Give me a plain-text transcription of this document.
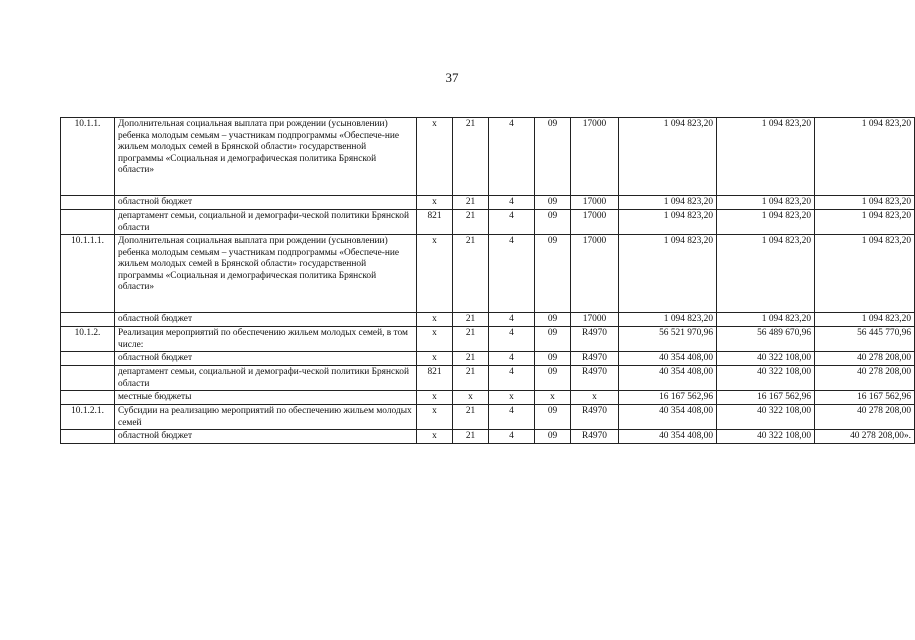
37
10.1.1.	Дополнительная социальная выплата при рождении (усыновлении) ребенка молодым семьям – участникам подпрограммы «Обеспече-ние жильем молодых семей в Брянской области» государственной программы «Социальная и демографическая политика Брянской области»	x	21	4	09	17000	1 094 823,20	1 094 823,20	1 094 823,20
	областной бюджет	x	21	4	09	17000	1 094 823,20	1 094 823,20	1 094 823,20
	департамент семьи, социальной и демографи-ческой политики Брянской области	821	21	4	09	17000	1 094 823,20	1 094 823,20	1 094 823,20
10.1.1.1.	Дополнительная социальная выплата при рождении (усыновлении) ребенка молодым семьям – участникам подпрограммы «Обеспече-ние жильем молодых семей в Брянской области» государственной программы «Социальная и демографическая политика Брянской области»	x	21	4	09	17000	1 094 823,20	1 094 823,20	1 094 823,20
	областной бюджет	x	21	4	09	17000	1 094 823,20	1 094 823,20	1 094 823,20
10.1.2.	Реализация мероприятий по обеспечению жильем молодых семей, в том числе:	x	21	4	09	R4970	56 521 970,96	56 489 670,96	56 445 770,96
	областной бюджет	x	21	4	09	R4970	40 354 408,00	40 322 108,00	40 278 208,00
	департамент семьи, социальной и демографи-ческой политики Брянской области	821	21	4	09	R4970	40 354 408,00	40 322 108,00	40 278 208,00
	местные бюджеты	x	x	x	x	x	16 167 562,96	16 167 562,96	16 167 562,96
10.1.2.1.	Субсидии на реализацию мероприятий по обеспечению жильем молодых семей	x	21	4	09	R4970	40 354 408,00	40 322 108,00	40 278 208,00
	областной бюджет	x	21	4	09	R4970	40 354 408,00	40 322 108,00	40 278 208,00».
